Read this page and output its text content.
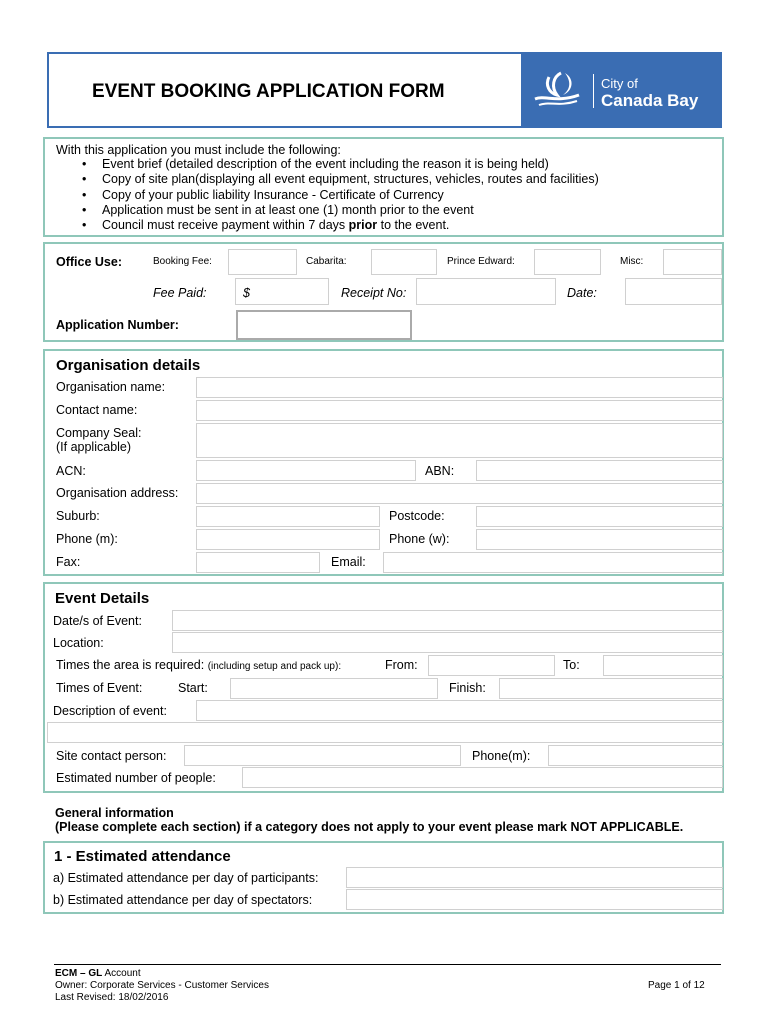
EVENT BOOKING APPLICATION FORM	City of
Canada Bay
With this application you must include the following:
• Event brief (detailed description of the event including the reason it is being held)
• Copy of site plan(displaying all event equipment, structures, vehicles, routes and facilities)
• Copy of your public liability Insurance - Certificate of Currency
• Application must be sent in at least one (1) month prior to the event
• Council must receive payment within 7 days prior to the event.
Office Use:	Booking Fee:	Cabarita:	Prince Edward:	Misc:
Fee Paid:	$	Receipt No:	Date:
Application Number:
Organisation details
Organisation name:
Contact name:
Company Seal:
(If applicable)
ACN:	ABN:
Organisation address:
Suburb:	Postcode:
Phone (m):	Phone (w):
Fax:	Email:
Event Details
Date/s of Event:
Location:
Times the area is required: (including setup and pack up):	From:	To:
Times of Event:	Start:	Finish:
Description of event:
Site contact person:	Phone(m):
Estimated number of people:
General information
(Please complete each section) if a category does not apply to your event please mark NOT APPLICABLE.
1 - Estimated attendance
a) Estimated attendance per day of participants:
b) Estimated attendance per day of spectators:
ECM – GL Account
Owner: Corporate Services - Customer Services
Last Revised: 18/02/2016
Page 1 of 12
